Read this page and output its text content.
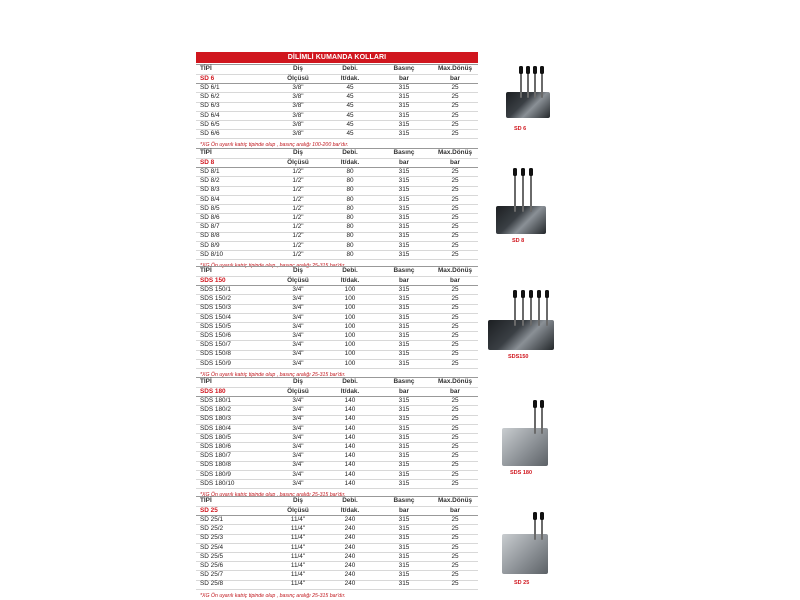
DİLİMLİ KUMANDA KOLLARI
TİPİ	Diş	Debi.	Basınç	Max.Dönüş
SD 6	Ölçüsü	lt/dak.	bar	bar
SD 6/1	3/8"	45	315	25
SD 6/2	3/8"	45	315	25
SD 6/3	3/8"	45	315	25
SD 6/4	3/8"	45	315	25
SD 6/5	3/8"	45	315	25
SD 6/6	3/8"	45	315	25
*XG Ön uyarılı katriç tipinde olup , basınç aralığı 100-200 bar'dır.
TİPİ	Diş	Debi.	Basınç	Max.Dönüş
SD 8	Ölçüsü	lt/dak.	bar	bar
SD 8/1	1/2"	80	315	25
SD 8/2	1/2"	80	315	25
SD 8/3	1/2"	80	315	25
SD 8/4	1/2"	80	315	25
SD 8/5	1/2"	80	315	25
SD 8/6	1/2"	80	315	25
SD 8/7	1/2"	80	315	25
SD 8/8	1/2"	80	315	25
SD 8/9	1/2"	80	315	25
SD 8/10	1/2"	80	315	25
*XG Ön uyarılı katriç tipinde olup , basınç aralığı 25-315 bar'dır.
TİPİ	Diş	Debi.	Basınç	Max.Dönüş
SDS 150	Ölçüsü	lt/dak.	bar	bar
SDS 150/1	3/4"	100	315	25
SDS 150/2	3/4"	100	315	25
SDS 150/3	3/4"	100	315	25
SDS 150/4	3/4"	100	315	25
SDS 150/5	3/4"	100	315	25
SDS 150/6	3/4"	100	315	25
SDS 150/7	3/4"	100	315	25
SDS 150/8	3/4"	100	315	25
SDS 150/9	3/4"	100	315	25
*XG Ön uyarılı katriç tipinde olup , basınç aralığı 25-315 bar'dır.
TİPİ	Diş	Debi.	Basınç	Max.Dönüş
SDS 180	Ölçüsü	lt/dak.	bar	bar
SDS 180/1	3/4"	140	315	25
SDS 180/2	3/4"	140	315	25
SDS 180/3	3/4"	140	315	25
SDS 180/4	3/4"	140	315	25
SDS 180/5	3/4"	140	315	25
SDS 180/6	3/4"	140	315	25
SDS 180/7	3/4"	140	315	25
SDS 180/8	3/4"	140	315	25
SDS 180/9	3/4"	140	315	25
SDS 180/10	3/4"	140	315	25
*XG Ön uyarılı katriç tipinde olup , basınç aralığı 25-315 bar'dır.
TİPİ	Diş	Debi.	Basınç	Max.Dönüş
SD 25	Ölçüsü	lt/dak.	bar	bar
SD 25/1	11/4"	240	315	25
SD 25/2	11/4"	240	315	25
SD 25/3	11/4"	240	315	25
SD 25/4	11/4"	240	315	25
SD 25/5	11/4"	240	315	25
SD 25/6	11/4"	240	315	25
SD 25/7	11/4"	240	315	25
SD 25/8	11/4"	240	315	25
*XG Ön uyarılı katriç tipinde olup , basınç aralığı 25-315 bar'dır.
SD 6
SD 8
SDS150
SDS 180
SD 25
